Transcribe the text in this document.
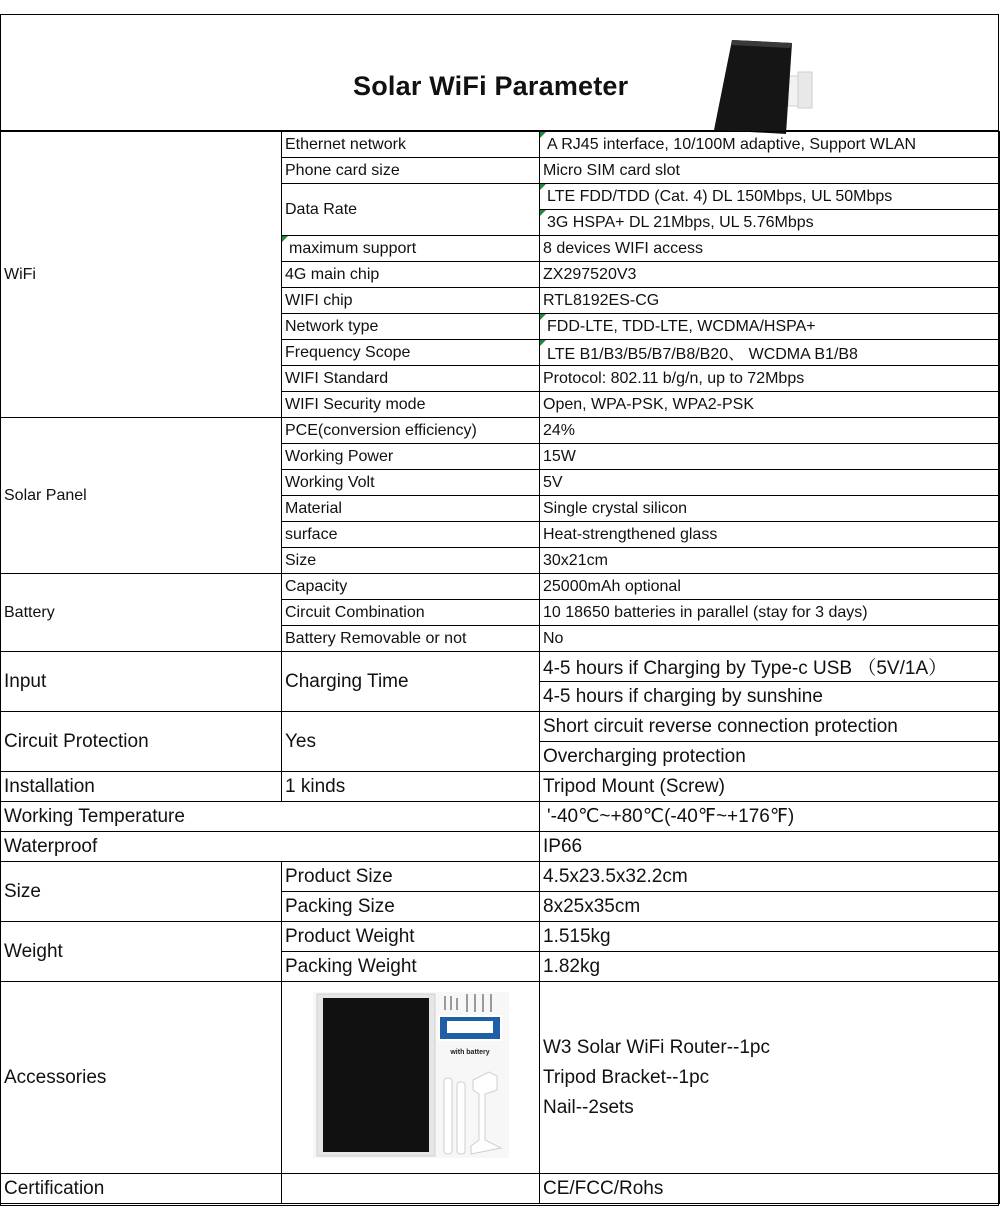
Solar WiFi Parameter
WiFi	Ethernet network	A RJ45 interface, 10/100M adaptive, Support WLAN
	Phone card size	Micro SIM card slot
	Data Rate	LTE FDD/TDD (Cat. 4) DL 150Mbps, UL 50Mbps
		3G HSPA+ DL 21Mbps, UL 5.76Mbps
	maximum support	8 devices WIFI access
	4G main chip	ZX297520V3
	WIFI chip	RTL8192ES-CG
	Network type	FDD-LTE, TDD-LTE, WCDMA/HSPA+
	Frequency Scope	LTE B1/B3/B5/B7/B8/B20、 WCDMA B1/B8
	WIFI Standard	Protocol: 802.11 b/g/n, up to 72Mbps
	WIFI Security mode	Open, WPA-PSK, WPA2-PSK
Solar Panel	PCE(conversion efficiency)	24%
	Working Power	15W
	Working Volt	5V
	Material	Single crystal silicon
	surface	Heat-strengthened glass
	Size	30x21cm
Battery	Capacity	25000mAh optional
	Circuit Combination	10 18650 batteries in parallel (stay for 3 days)
	Battery Removable or not	No
Input	Charging Time	4-5 hours if Charging by Type-c USB （5V/1A）
		4-5 hours if charging by sunshine
Circuit Protection	Yes	Short circuit reverse connection protection
		Overcharging protection
Installation	1 kinds	Tripod Mount (Screw)
Working Temperature		'-40℃~+80℃(-40℉~+176℉)
Waterproof		IP66
Size	Product Size	4.5x23.5x32.2cm
	Packing Size	8x25x35cm
Weight	Product Weight	1.515kg
	Packing Weight	1.82kg
Accessories	with battery	W3 Solar WiFi Router--1pc
Tripod Bracket--1pc
Nail--2sets

Certification		CE/FCC/Rohs
